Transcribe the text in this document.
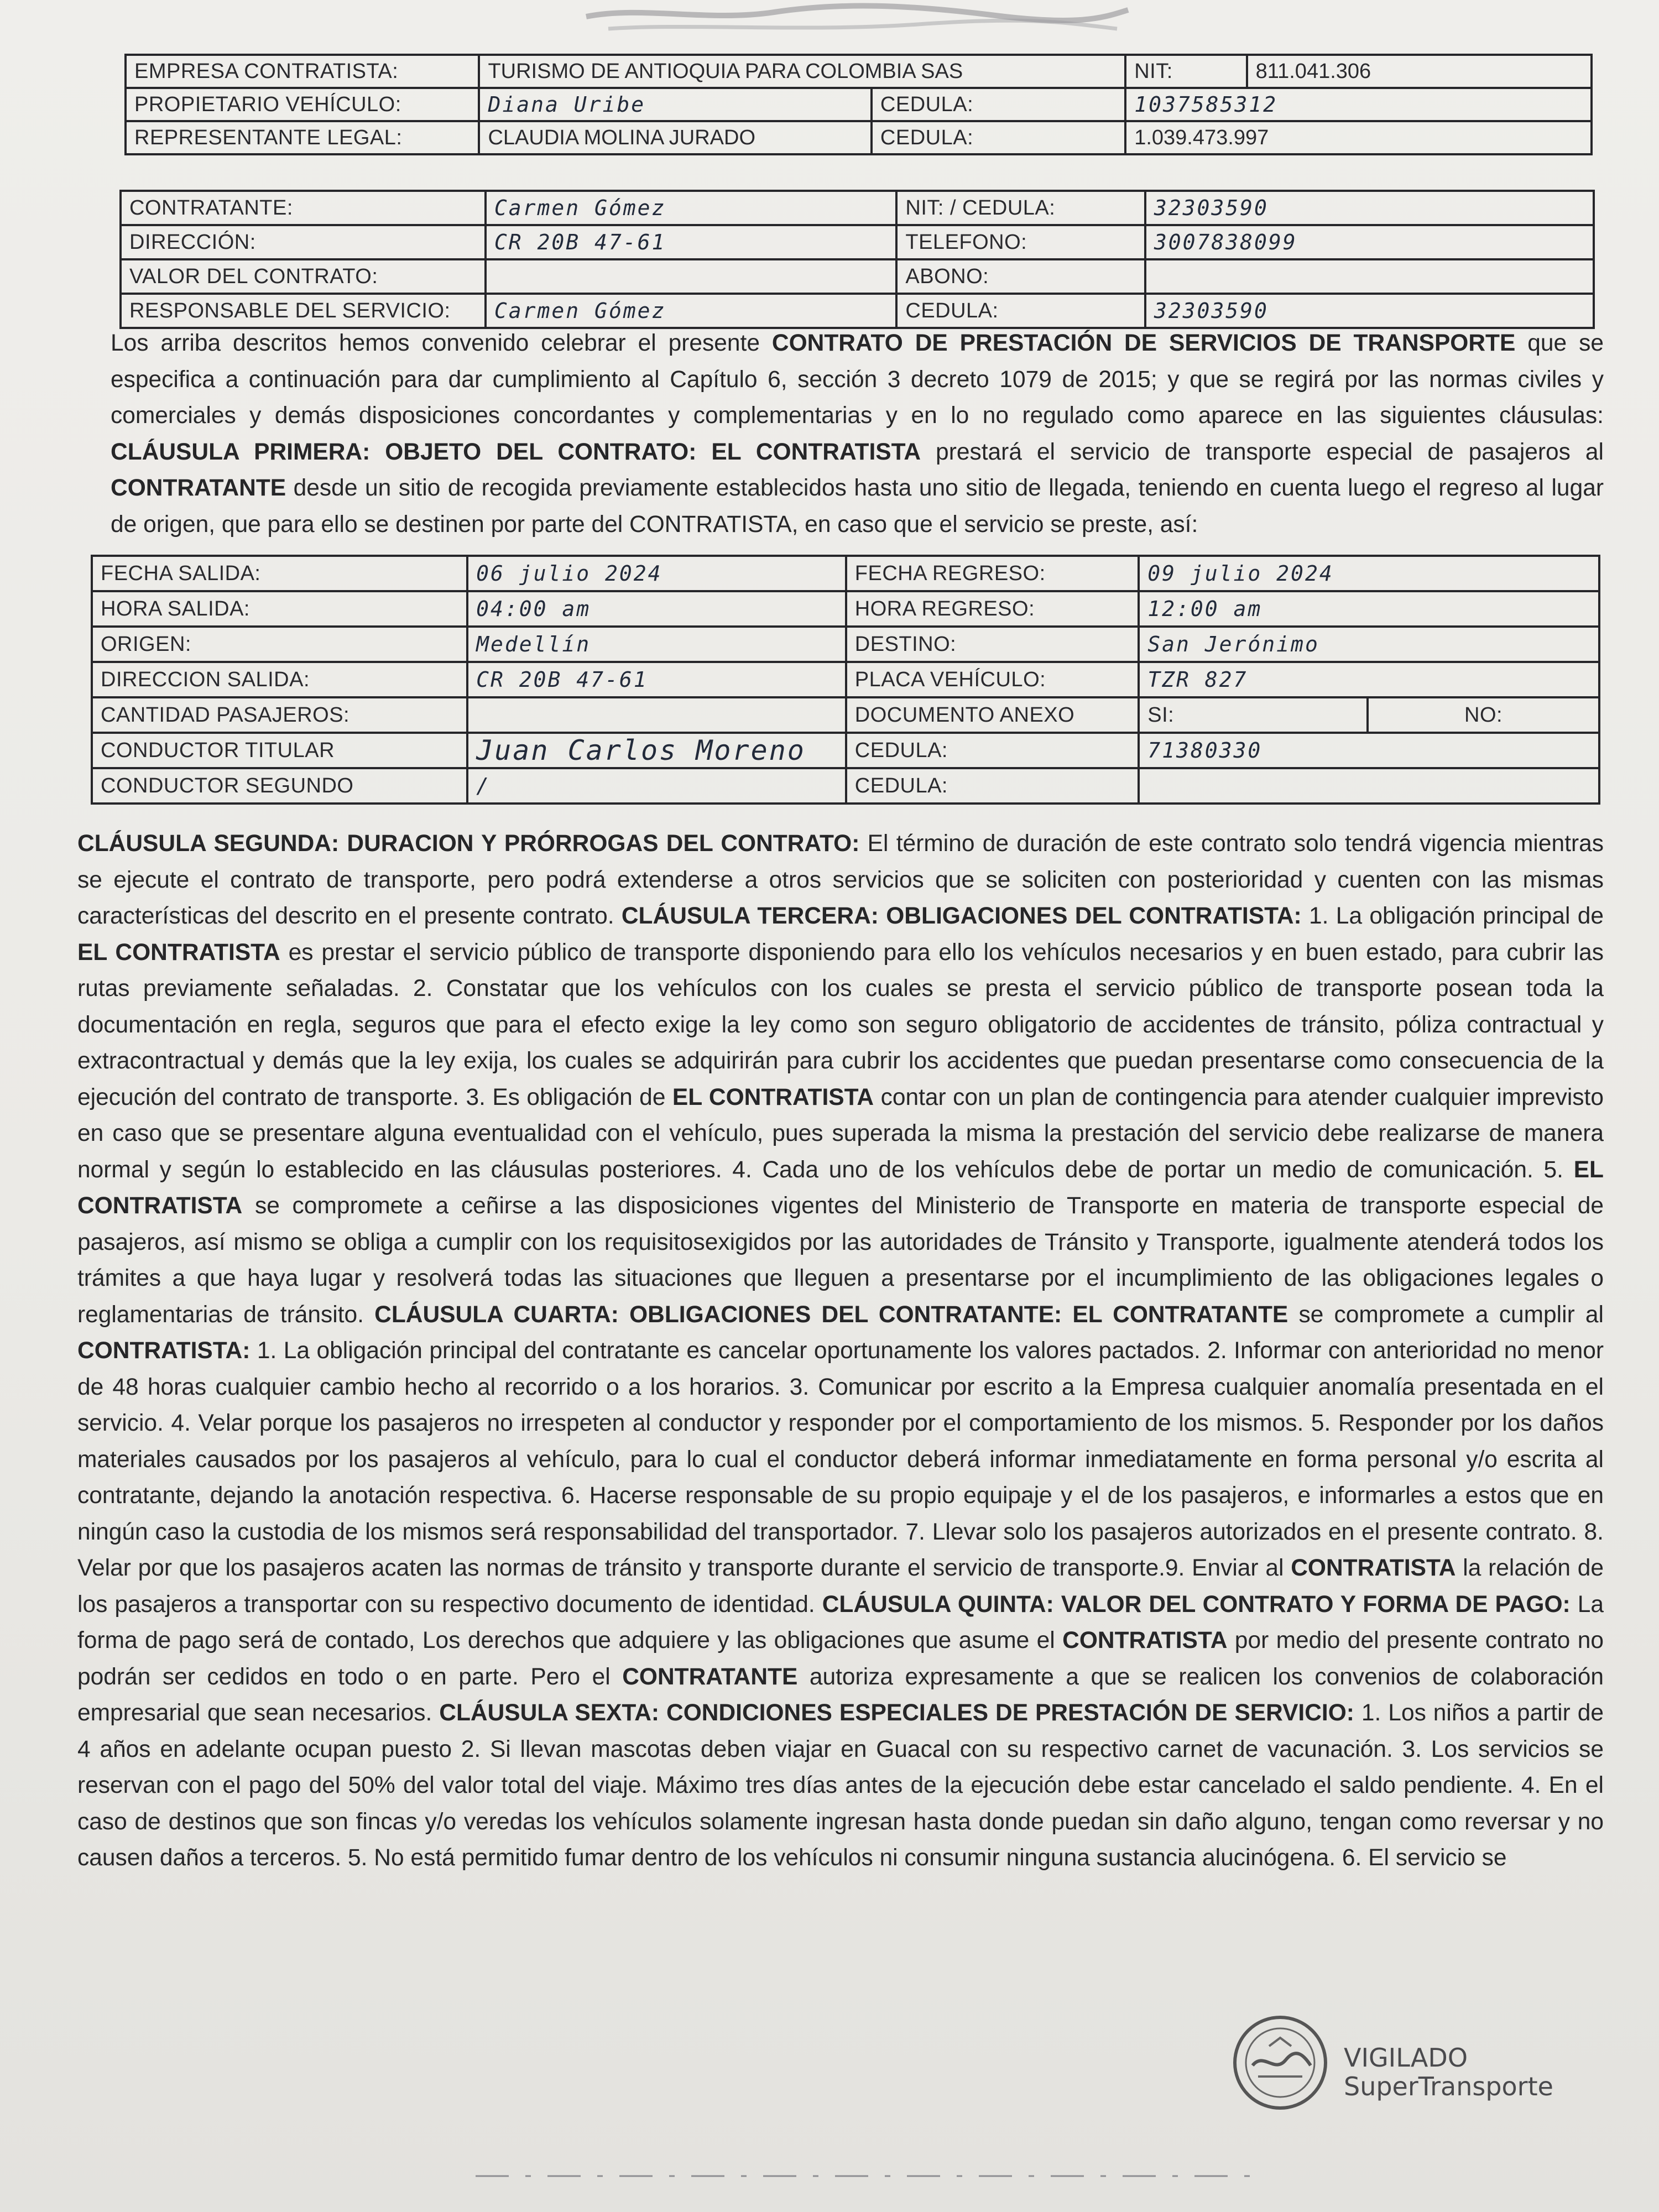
EMPRESA CONTRATISTA:	TURISMO DE ANTIOQUIA PARA COLOMBIA SAS		NIT:	811.041.306
PROPIETARIO VEHÍCULO:	Diana Uribe	CEDULA:	1037585312	
REPRESENTANTE LEGAL:	CLAUDIA MOLINA JURADO	CEDULA:	1.039.473.997	
CONTRATANTE:	Carmen Gómez	NIT: / CEDULA:	32303590
DIRECCIÓN:	CR 20B 47-61	TELEFONO:	3007838099
VALOR DEL CONTRATO:		ABONO:	
RESPONSABLE DEL SERVICIO:	Carmen Gómez	CEDULA:	32303590

Los arriba descritos hemos convenido celebrar el presente CONTRATO DE PRESTACIÓN DE SERVICIOS DE TRANSPORTE que se especifica a continuación para dar cumplimiento al Capítulo 6, sección 3 decreto 1079 de 2015; y que se regirá por las normas civiles y comerciales y demás disposiciones concordantes y complementarias y en lo no regulado como aparece en las siguientes cláusulas: CLÁUSULA PRIMERA: OBJETO DEL CONTRATO: EL CONTRATISTA prestará el servicio de transporte especial de pasajeros al CONTRATANTE desde un sitio de recogida previamente establecidos hasta uno sitio de llegada, teniendo en cuenta luego el regreso al lugar de origen, que para ello se destinen por parte del CONTRATISTA, en caso que el servicio se preste, así:

FECHA SALIDA:	06 julio 2024	FECHA REGRESO:	09 julio 2024	
HORA SALIDA:	04:00 am	HORA REGRESO:	12:00 am	
ORIGEN:	Medellín	DESTINO:	San Jerónimo	
DIRECCION SALIDA:	CR 20B 47-61	PLACA VEHÍCULO:	TZR 827	
CANTIDAD PASAJEROS:		DOCUMENTO ANEXO	SI:	NO:
CONDUCTOR TITULAR	Juan Carlos Moreno	CEDULA:	71380330	
CONDUCTOR SEGUNDO	/	CEDULA:		

CLÁUSULA SEGUNDA: DURACION Y PRÓRROGAS DEL CONTRATO: El término de duración de este contrato solo tendrá vigencia mientras se ejecute el contrato de transporte, pero podrá extenderse a otros servicios que se soliciten con posterioridad y cuenten con las mismas características del descrito en el presente contrato. CLÁUSULA TERCERA: OBLIGACIONES DEL CONTRATISTA: 1. La obligación principal de EL CONTRATISTA es prestar el servicio público de transporte disponiendo para ello los vehículos necesarios y en buen estado, para cubrir las rutas previamente señaladas. 2. Constatar que los vehículos con los cuales se presta el servicio público de transporte posean toda la documentación en regla, seguros que para el efecto exige la ley como son seguro obligatorio de accidentes de tránsito, póliza contractual y extracontractual y demás que la ley exija, los cuales se adquirirán para cubrir los accidentes que puedan presentarse como consecuencia de la ejecución del contrato de transporte. 3. Es obligación de EL CONTRATISTA contar con un plan de contingencia para atender cualquier imprevisto en caso que se presentare alguna eventualidad con el vehículo, pues superada la misma la prestación del servicio debe realizarse de manera normal y según lo establecido en las cláusulas posteriores. 4. Cada uno de los vehículos debe de portar un medio de comunicación. 5. EL CONTRATISTA se compromete a ceñirse a las disposiciones vigentes del Ministerio de Transporte en materia de transporte especial de pasajeros, así mismo se obliga a cumplir con los requisitosexigidos por las autoridades de Tránsito y Transporte, igualmente atenderá todos los trámites a que haya lugar y resolverá todas las situaciones que lleguen a presentarse por el incumplimiento de las obligaciones legales o reglamentarias de tránsito. CLÁUSULA CUARTA: OBLIGACIONES DEL CONTRATANTE: EL CONTRATANTE se compromete a cumplir al CONTRATISTA: 1. La obligación principal del contratante es cancelar oportunamente los valores pactados. 2. Informar con anterioridad no menor de 48 horas cualquier cambio hecho al recorrido o a los horarios. 3. Comunicar por escrito a la Empresa cualquier anomalía presentada en el servicio. 4. Velar porque los pasajeros no irrespeten al conductor y responder por el comportamiento de los mismos. 5. Responder por los daños materiales causados por los pasajeros al vehículo, para lo cual el conductor deberá informar inmediatamente en forma personal y/o escrita al contratante, dejando la anotación respectiva. 6. Hacerse responsable de su propio equipaje y el de los pasajeros, e informarles a estos que en ningún caso la custodia de los mismos será responsabilidad del transportador. 7. Llevar solo los pasajeros autorizados en el presente contrato. 8. Velar por que los pasajeros acaten las normas de tránsito y transporte durante el servicio de transporte.9. Enviar al CONTRATISTA la relación de los pasajeros a transportar con su respectivo documento de identidad. CLÁUSULA QUINTA: VALOR DEL CONTRATO Y FORMA DE PAGO: La forma de pago será de contado, Los derechos que adquiere y las obligaciones que asume el CONTRATISTA por medio del presente contrato no podrán ser cedidos en todo o en parte. Pero el CONTRATANTE autoriza expresamente a que se realicen los convenios de colaboración empresarial que sean necesarios. CLÁUSULA SEXTA: CONDICIONES ESPECIALES DE PRESTACIÓN DE SERVICIO: 1. Los niños a partir de 4 años en adelante ocupan puesto 2. Si llevan mascotas deben viajar en Guacal con su respectivo carnet de vacunación. 3. Los servicios se reservan con el pago del 50% del valor total del viaje. Máximo tres días antes de la ejecución debe estar cancelado el saldo pendiente. 4. En el caso de destinos que son fincas y/o veredas los vehículos solamente ingresan hasta donde puedan sin daño alguno, tengan como reversar y no causen daños a terceros. 5. No está permitido fumar dentro de los vehículos ni consumir ninguna sustancia alucinógena. 6. El servicio se

VIGILADO
SuperTransporte
